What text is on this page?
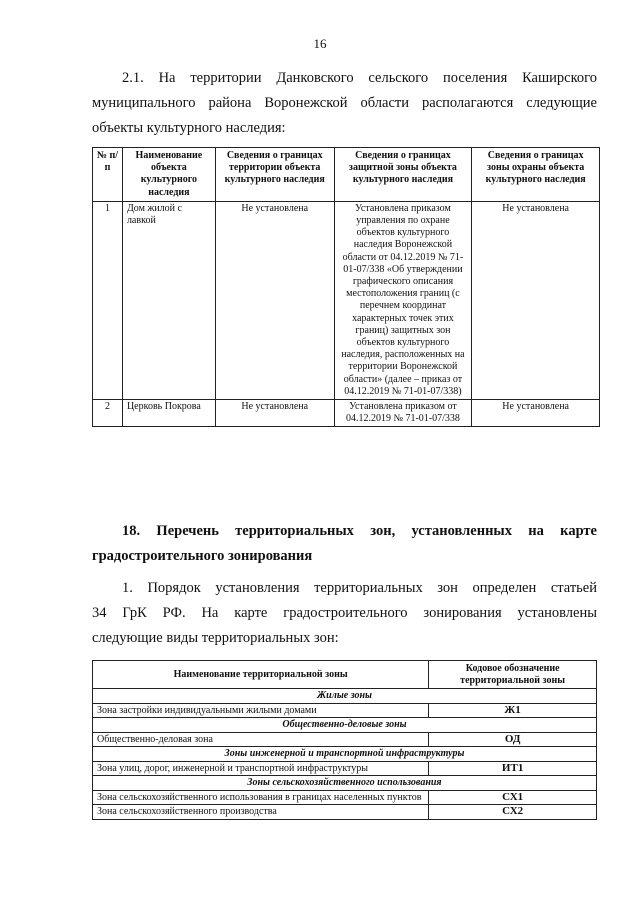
16
2.1. На территории Данковского сельского поселения Каширского
муниципального района Воронежской области располагаются следующие
объекты культурного наследия:
№ п/п	Наименование объекта культурного наследия	Сведения о границах территории объекта культурного наследия	Сведения о границах защитной зоны объекта культурного наследия	Сведения о границах зоны охраны объекта культурного наследия
1	Дом жилой с лавкой	Не установлена	Установлена приказом управления по охране объектов культурного наследия Воронежской области от 04.12.2019 № 71-01-07/338 «Об утверждении графического описания местоположения границ (с перечнем координат характерных точек этих границ) защитных зон объектов культурного наследия, расположенных на территории Воронежской области» (далее – приказ от 04.12.2019 № 71-01-07/338)	Не установлена
2	Церковь Покрова	Не установлена	Установлена приказом от 04.12.2019 № 71-01-07/338	Не установлена
18. Перечень территориальных зон, установленных на карте
градостроительного зонирования
1. Порядок установления территориальных зон определен статьей
34 ГрК РФ. На карте градостроительного зонирования установлены
следующие виды территориальных зон:
Наименование территориальной зоны	Кодовое обозначение территориальной зоны
Жилые зоны	
Зона застройки индивидуальными жилыми домами	Ж1
Общественно-деловые зоны	
Общественно-деловая зона	ОД
Зоны инженерной и транспортной инфраструктуры	
Зона улиц, дорог, инженерной и транспортной инфраструктуры	ИТ1
Зоны сельскохозяйственного использования	
Зона сельскохозяйственного использования в границах населенных пунктов	СХ1
Зона сельскохозяйственного производства	СХ2
